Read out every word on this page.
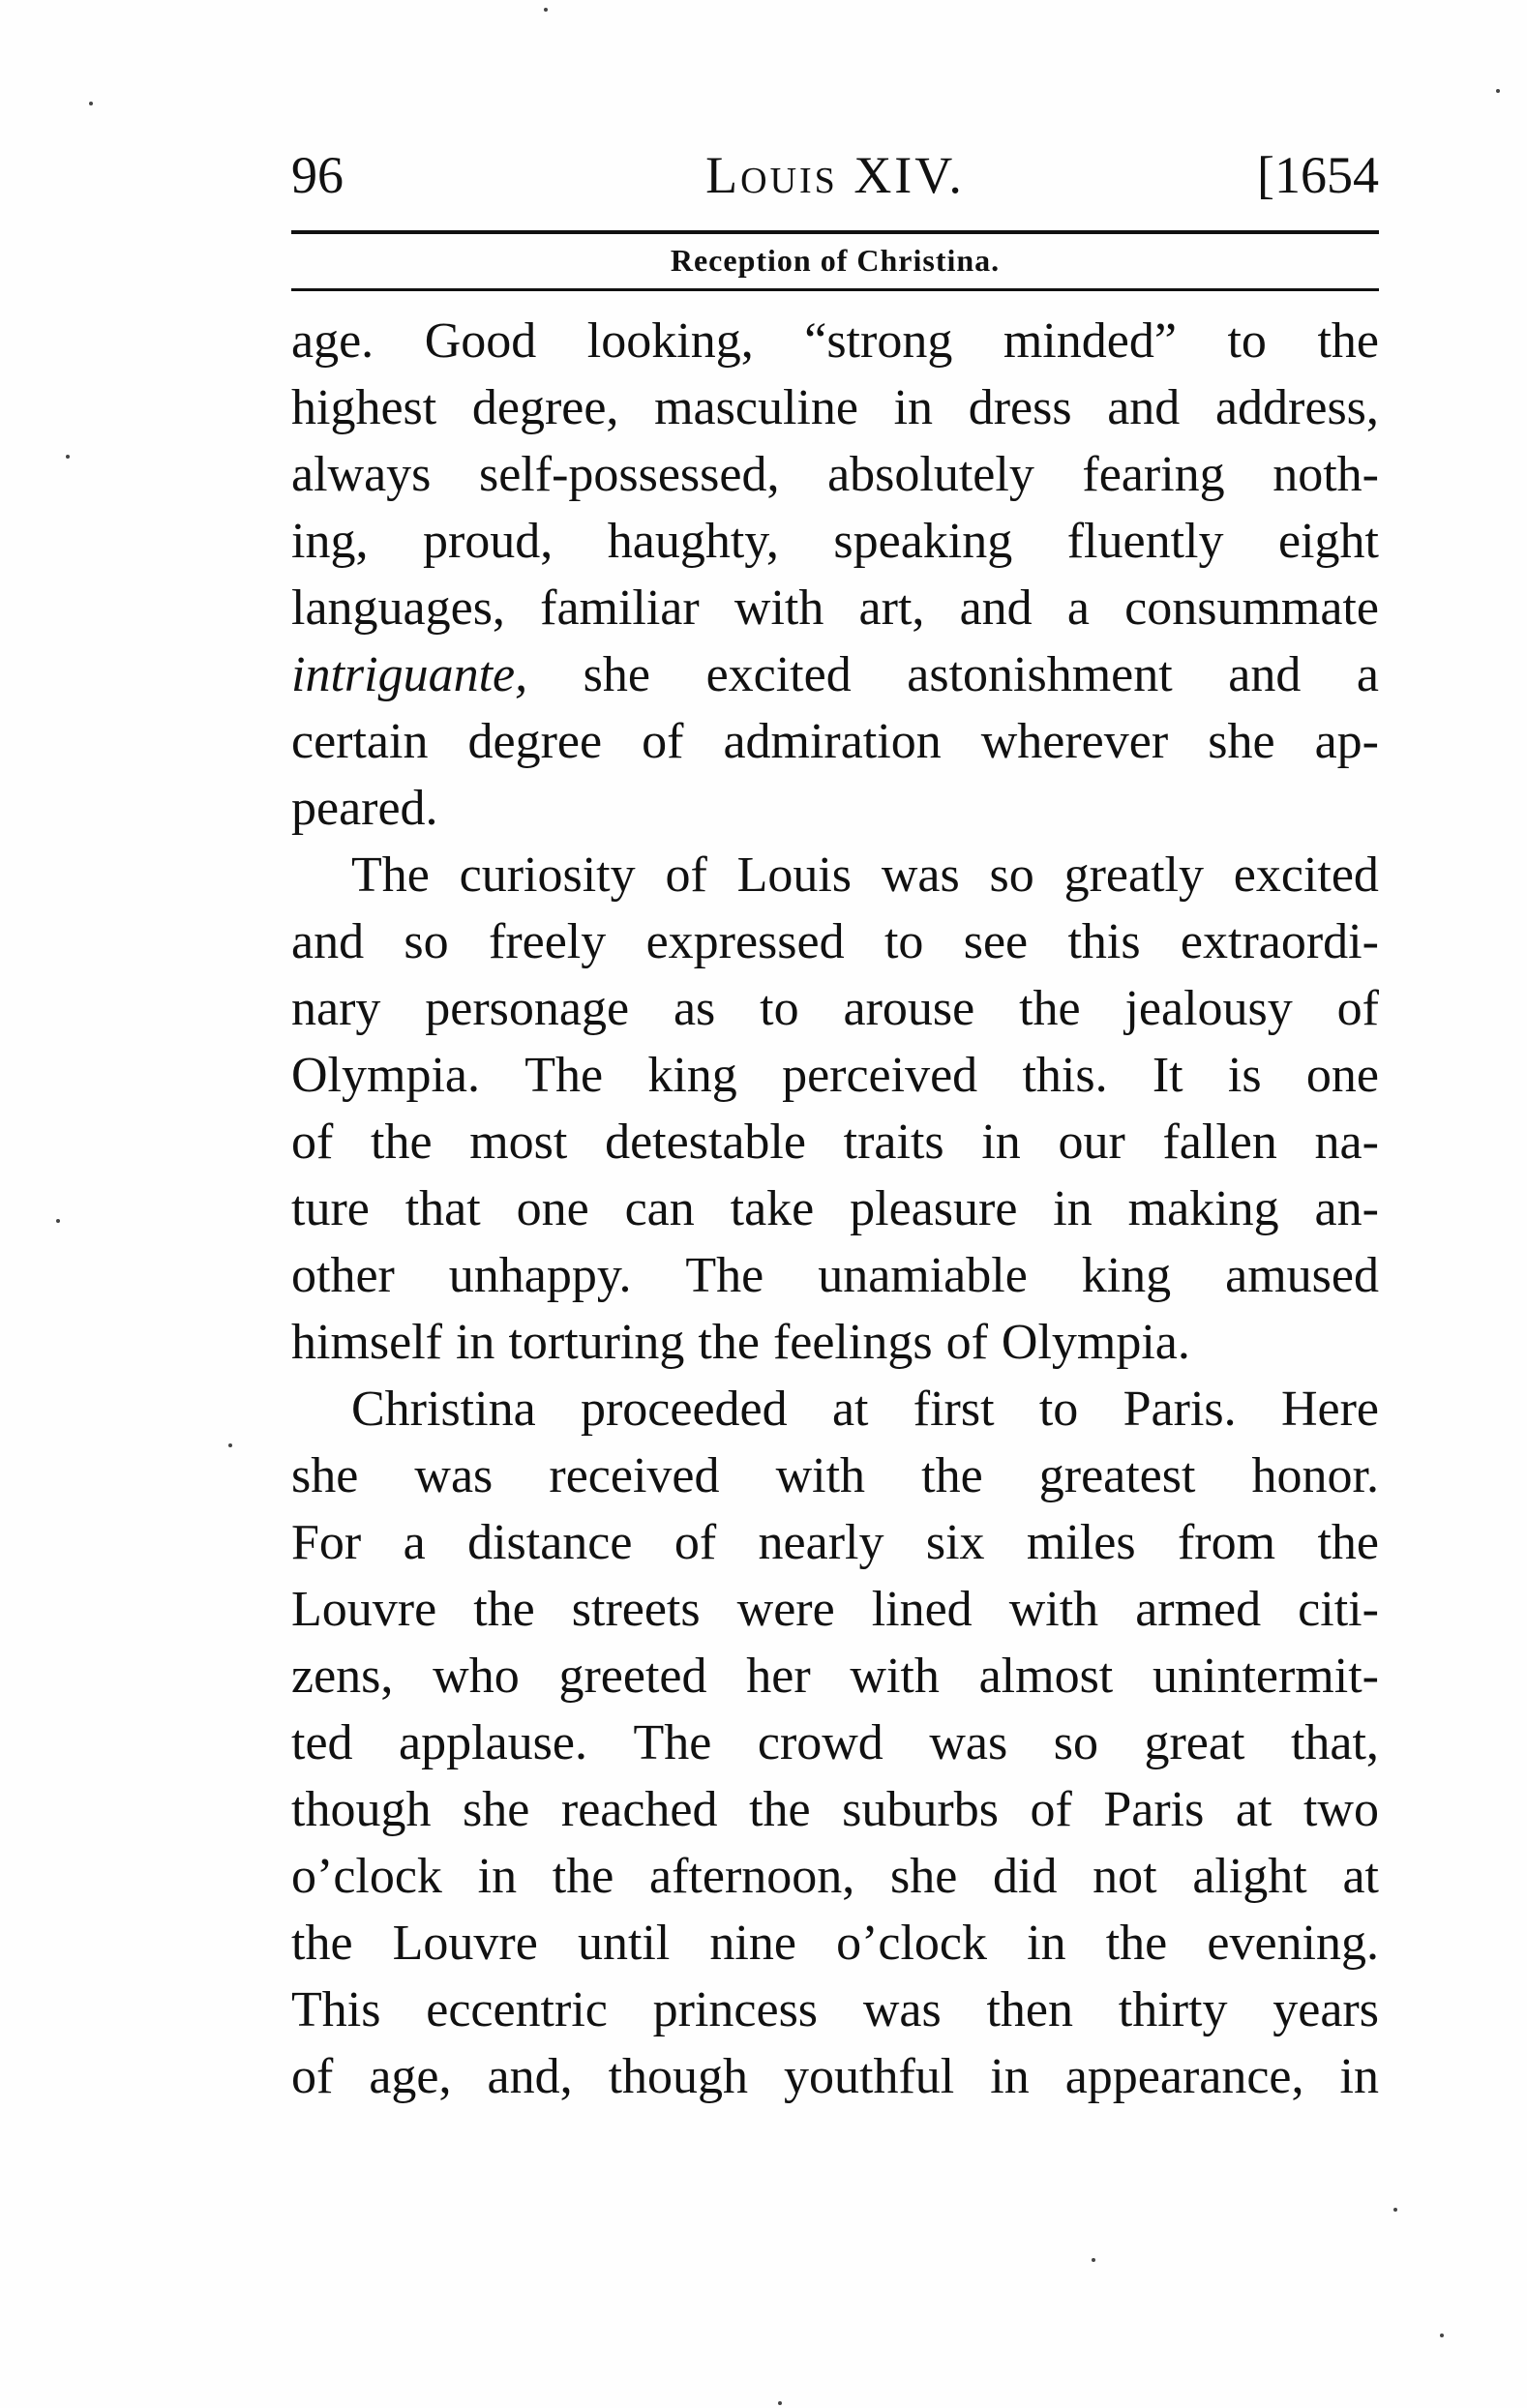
96	Louis XIV.	[1654
Reception of Christina.
age. Good looking, “strong minded” to the
highest degree, masculine in dress and address,
always self-possessed, absolutely fearing noth-
ing, proud, haughty, speaking fluently eight
languages, familiar with art, and a consummate
intriguante, she excited astonishment and a
certain degree of admiration wherever she ap-
peared.
The curiosity of Louis was so greatly excited
and so freely expressed to see this extraordi-
nary personage as to arouse the jealousy of
Olympia. The king perceived this. It is one
of the most detestable traits in our fallen na-
ture that one can take pleasure in making an-
other unhappy. The unamiable king amused
himself in torturing the feelings of Olympia.
Christina proceeded at first to Paris. Here
she was received with the greatest honor.
For a distance of nearly six miles from the
Louvre the streets were lined with armed citi-
zens, who greeted her with almost unintermit-
ted applause. The crowd was so great that,
though she reached the suburbs of Paris at two
o’clock in the afternoon, she did not alight at
the Louvre until nine o’clock in the evening.
This eccentric princess was then thirty years
of age, and, though youthful in appearance, in
